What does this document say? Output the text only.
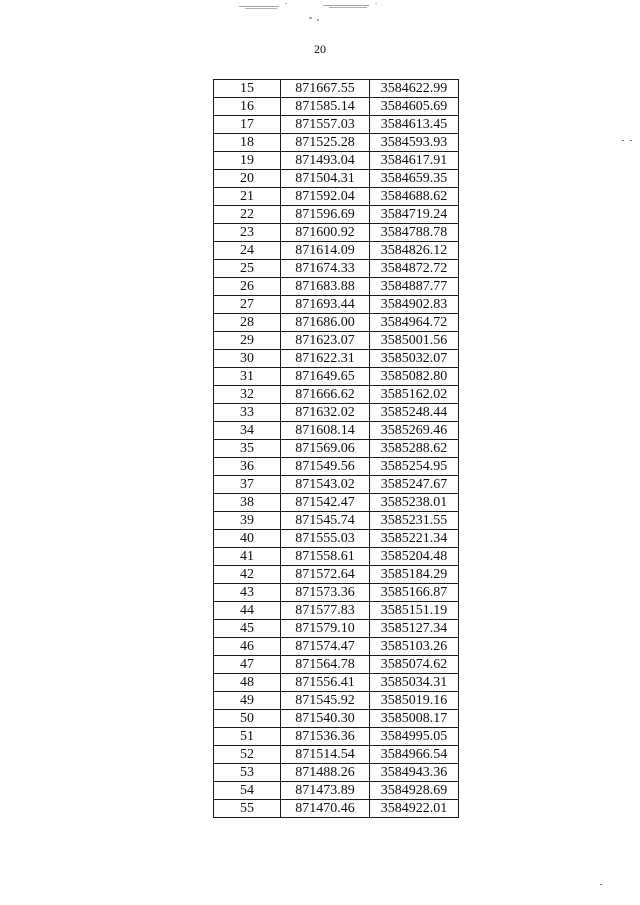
20
15	871667.55	3584622.99
16	871585.14	3584605.69
17	871557.03	3584613.45
18	871525.28	3584593.93
19	871493.04	3584617.91
20	871504.31	3584659.35
21	871592.04	3584688.62
22	871596.69	3584719.24
23	871600.92	3584788.78
24	871614.09	3584826.12
25	871674.33	3584872.72
26	871683.88	3584887.77
27	871693.44	3584902.83
28	871686.00	3584964.72
29	871623.07	3585001.56
30	871622.31	3585032.07
31	871649.65	3585082.80
32	871666.62	3585162.02
33	871632.02	3585248.44
34	871608.14	3585269.46
35	871569.06	3585288.62
36	871549.56	3585254.95
37	871543.02	3585247.67
38	871542.47	3585238.01
39	871545.74	3585231.55
40	871555.03	3585221.34
41	871558.61	3585204.48
42	871572.64	3585184.29
43	871573.36	3585166.87
44	871577.83	3585151.19
45	871579.10	3585127.34
46	871574.47	3585103.26
47	871564.78	3585074.62
48	871556.41	3585034.31
49	871545.92	3585019.16
50	871540.30	3585008.17
51	871536.36	3584995.05
52	871514.54	3584966.54
53	871488.26	3584943.36
54	871473.89	3584928.69
55	871470.46	3584922.01
